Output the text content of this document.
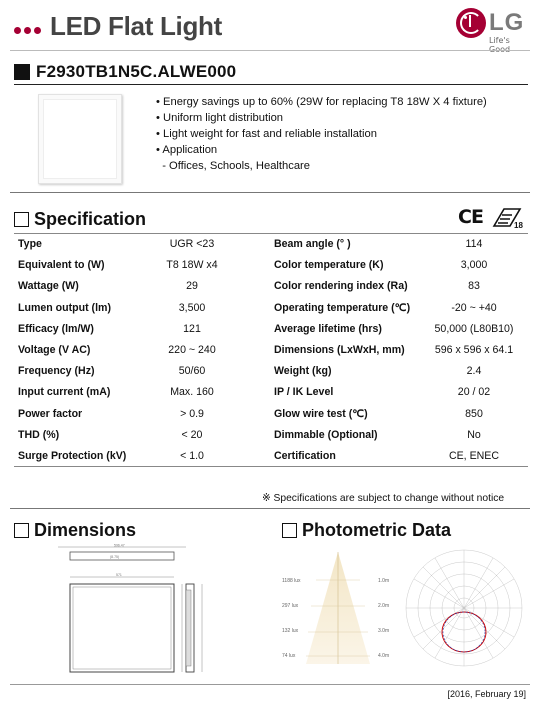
LED Flat Light	LG
Life's
F2930TB1N5C.ALWE000
• Energy savings up to 60% (29W for replacing T8 18W X 4 fixture)
• Uniform light distribution
• Light weight for fast and reliable installation
• Application
- Offices, Schools, Healthcare
Specification	CE	18
Type	UGR <23		Beam angle (° )	114
Equivalent to (W)	T8 18W x4		Color temperature (K)	3,000
Wattage (W)	29		Color rendering index (Ra)	83
Lumen output (lm)	3,500		Operating temperature (℃)	-20 ~ +40
Efficacy (lm/W)	121		Average lifetime (hrs)	50,000 (L80B10)
Voltage (V AC)	220 ~ 240		Dimensions (LxWxH, mm)	596 x 596 x 64.1
Frequency (Hz)	50/60		Weight (kg)	2.4
Input current (mA)	Max. 160		IP / IK Level	20 / 02
Power factor	> 0.9		Glow wire test (℃)	850
THD (%)	< 20		Dimmable (Optional)	No
Surge Protection (kV)	< 1.0		Certification	CE, ENEC
※ Specifications are subject to change without notice
Dimensions	Photometric Data
596.47
(8.75)
571
1188 lux
297 lux
132 lux
74 lux
1.0m
2.0m
3.0m
4.0m
[2016, February 19]
